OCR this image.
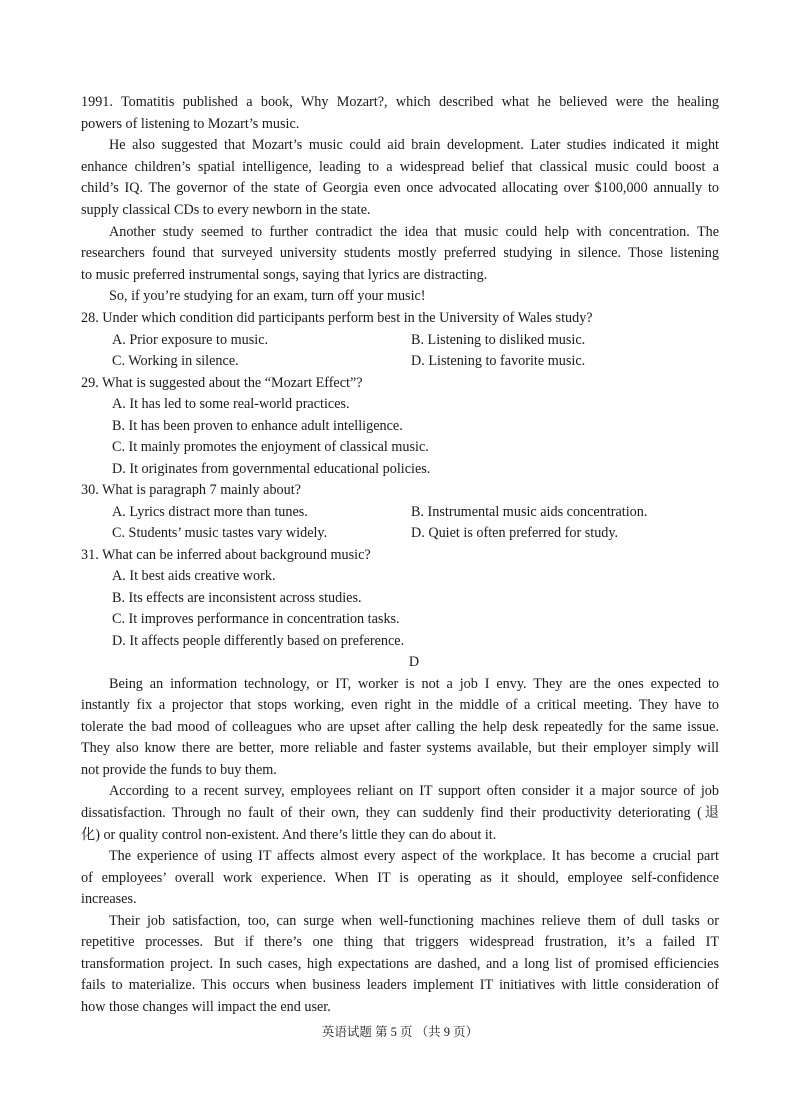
1991. Tomatitis published a book, Why Mozart?, which described what he believed were the healing
powers of listening to Mozart’s music.
He also suggested that Mozart’s music could aid brain development. Later studies indicated it might
enhance children’s spatial intelligence, leading to a widespread belief that classical music could boost a
child’s IQ. The governor of the state of Georgia even once advocated allocating over $100,000 annually to
supply classical CDs to every newborn in the state.
Another study seemed to further contradict the idea that music could help with concentration. The
researchers found that surveyed university students mostly preferred studying in silence. Those listening
to music preferred instrumental songs, saying that lyrics are distracting.
So, if you’re studying for an exam, turn off your music!
28. Under which condition did participants perform best in the University of Wales study?
A. Prior exposure to music.	B. Listening to disliked music.
C. Working in silence.	D. Listening to favorite music.
29. What is suggested about the “Mozart Effect”?
A. It has led to some real-world practices.
B. It has been proven to enhance adult intelligence.
C. It mainly promotes the enjoyment of classical music.
D. It originates from governmental educational policies.
30. What is paragraph 7 mainly about?
A. Lyrics distract more than tunes.	B. Instrumental music aids concentration.
C. Students’ music tastes vary widely.	D. Quiet is often preferred for study.
31. What can be inferred about background music?
A. It best aids creative work.
B. Its effects are inconsistent across studies.
C. It improves performance in concentration tasks.
D. It affects people differently based on preference.
D
Being an information technology, or IT, worker is not a job I envy. They are the ones expected to
instantly fix a projector that stops working, even right in the middle of a critical meeting. They have to
tolerate the bad mood of colleagues who are upset after calling the help desk repeatedly for the same issue.
They also know there are better, more reliable and faster systems available, but their employer simply will
not provide the funds to buy them.
According to a recent survey, employees reliant on IT support often consider it a major source of job
dissatisfaction. Through no fault of their own, they can suddenly find their productivity deteriorating (退
化) or quality control non-existent. And there’s little they can do about it.
The experience of using IT affects almost every aspect of the workplace. It has become a crucial part
of employees’ overall work experience. When IT is operating as it should, employee self-confidence
increases.
Their job satisfaction, too, can surge when well-functioning machines relieve them of dull tasks or
repetitive processes. But if there’s one thing that triggers widespread frustration, it’s a failed IT
transformation project. In such cases, high expectations are dashed, and a long list of promised efficiencies
fails to materialize. This occurs when business leaders implement IT initiatives with little consideration of
how those changes will impact the end user.
英语试题 第 5 页 （共 9 页）
